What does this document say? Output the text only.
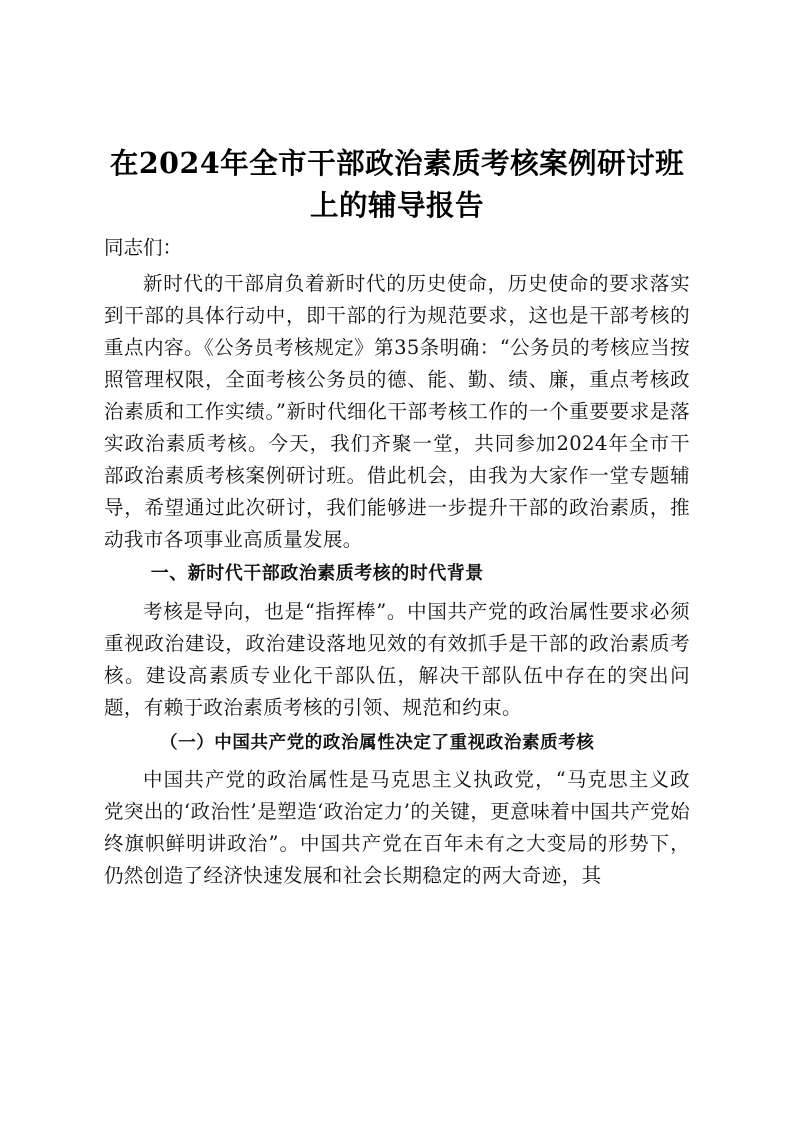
在2024年全市干部政治素质考核案例研讨班
上的辅导报告

同志们：

新时代的干部肩负着新时代的历史使命，历史使命的要求落实到干部的具体行动中，即干部的行为规范要求，这也是干部考核的重点内容。《公务员考核规定》第35条明确：“公务员的考核应当按照管理权限，全面考核公务员的德、能、勤、绩、廉，重点考核政治素质和工作实绩。”新时代细化干部考核工作的一个重要要求是落实政治素质考核。今天，我们齐聚一堂，共同参加2024年全市干部政治素质考核案例研讨班。借此机会，由我为大家作一堂专题辅导，希望通过此次研讨，我们能够进一步提升干部的政治素质，推动我市各项事业高质量发展。

一、新时代干部政治素质考核的时代背景

考核是导向，也是“指挥棒”。中国共产党的政治属性要求必须重视政治建设，政治建设落地见效的有效抓手是干部的政治素质考核。建设高素质专业化干部队伍，解决干部队伍中存在的突出问题，有赖于政治素质考核的引领、规范和约束。

（一）中国共产党的政治属性决定了重视政治素质考核

中国共产党的政治属性是马克思主义执政党，“马克思主义政党突出的‘政治性’是塑造‘政治定力’的关键，更意味着中国共产党始终旗帜鲜明讲政治”。中国共产党在百年未有之大变局的形势下，仍然创造了经济快速发展和社会长期稳定的两大奇迹，其
